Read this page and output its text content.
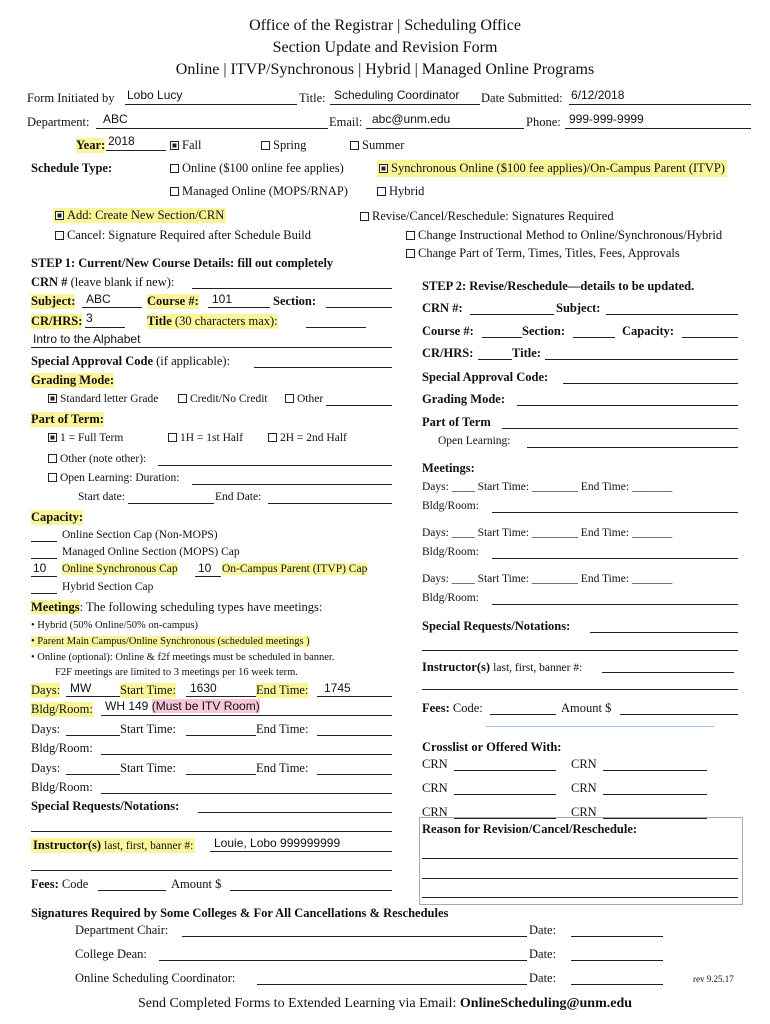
Office of the Registrar | Scheduling Office
Section Update and Revision Form
Online | ITVP/Synchronous | Hybrid | Managed Online Programs
Form Initiated by Lobo Lucy	Title: Scheduling Coordinator Date Submitted: 6/12/2018
Department: ABC	Email: abc@unm.edu	Phone: 999-999-9999
Year: 2018	Fall	Spring	Summer
Schedule Type:	Online ($100 online fee applies)	Synchronous Online ($100 fee applies)/On-Campus Parent (ITVP)
Managed Online (MOPS/RNAP)	Hybrid
Add: Create New Section/CRN
Cancel: Signature Required after Schedule Build
Revise/Cancel/Reschedule: Signatures Required
Change Instructional Method to Online/Synchronous/Hybrid
Change Part of Term, Times, Titles, Fees, Approvals
STEP 1: Current/New Course Details: fill out completely
CRN # (leave blank if new):
Subject: ABC	Course #: 101	Section:
CR/HRS: 3	Title (30 characters max):
Intro to the Alphabet
Special Approval Code (if applicable):
Grading Mode:
Standard letter Grade	Credit/No Credit	Other
Part of Term:
1 = Full Term	1H = 1st Half	2H = 2nd Half
Other (note other):
Open Learning: Duration:
Start date:	End Date:
Capacity:
Online Section Cap (Non-MOPS)
Managed Online Section (MOPS) Cap
10 Online Synchronous Cap 10 On-Campus Parent (ITVP) Cap
Hybrid Section Cap
Meetings: The following scheduling types have meetings:
• Hybrid (50% Online/50% on-campus)
• Parent Main Campus/Online Synchronous (scheduled meetings )
• Online (optional): Online & f2f meetings must be scheduled in banner.
F2F meetings are limited to 3 meetings per 16 week term.
Days: MW Start Time: 1630	End Time: 1745
Bldg/Room: WH 149 (Must be ITV Room)
Days:	Start Time:	End Time:
Bldg/Room:
Days:	Start Time:	End Time:
Bldg/Room:
Special Requests/Notations:
Instructor(s) last, first, banner #: Louie, Lobo 999999999
Fees: Code	Amount $
STEP 2: Revise/Reschedule—details to be updated.
CRN #:	Subject:
Course #:	Section:	Capacity:
CR/HRS:	Title:
Special Approval Code:
Grading Mode:
Part of Term
Open Learning:
Meetings:
Days: ____ Start Time: ________ End Time: _______
Bldg/Room:
Days: ____ Start Time: ________ End Time: _______
Bldg/Room:
Days: ____ Start Time: ________ End Time: _______
Bldg/Room:
Special Requests/Notations:
Instructor(s) last, first, banner #:
Fees: Code:	Amount $
Crosslist or Offered With:
CRN	CRN
CRN	CRN
CRN	CRN
Reason for Revision/Cancel/Reschedule:
Signatures Required by Some Colleges & For All Cancellations & Reschedules
Department Chair:	Date:
College Dean:	Date:
Online Scheduling Coordinator:	Date:	rev 9.25.17
Send Completed Forms to Extended Learning via Email: OnlineScheduling@unm.edu
